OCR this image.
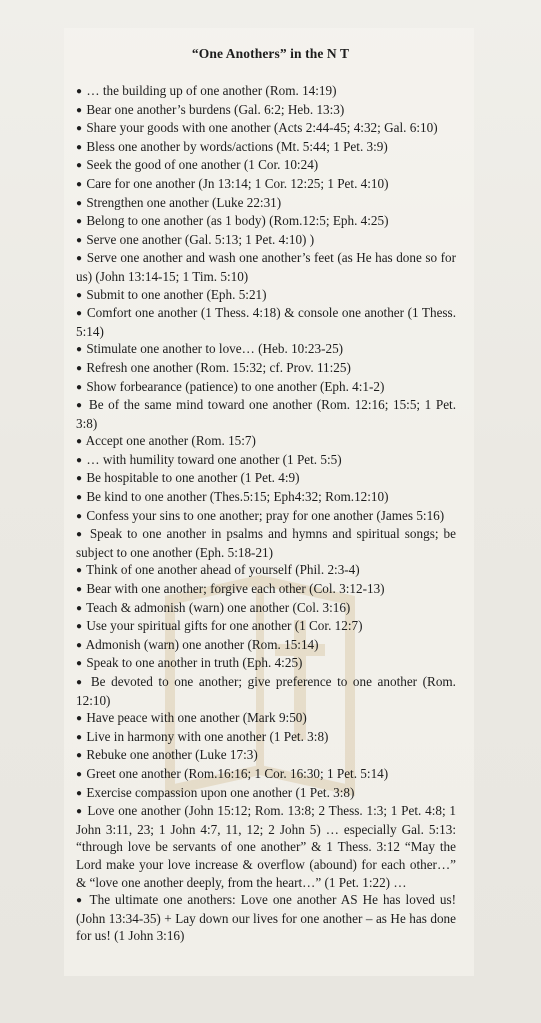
“One Anothers” in the N T
● … the building up of one another (Rom. 14:19)
● Bear one another’s burdens (Gal. 6:2; Heb. 13:3)
● Share your goods with one another (Acts 2:44-45; 4:32; Gal. 6:10)
● Bless one another by words/actions (Mt. 5:44; 1 Pet. 3:9)
● Seek the good of one another (1 Cor. 10:24)
● Care for one another (Jn 13:14; 1 Cor. 12:25; 1 Pet. 4:10)
● Strengthen one another (Luke 22:31)
● Belong to one another (as 1 body) (Rom.12:5; Eph. 4:25)
● Serve one another (Gal. 5:13; 1 Pet. 4:10) )
● Serve one another and wash one another’s feet (as He has done so for us) (John 13:14-15; 1 Tim. 5:10)
● Submit to one another (Eph. 5:21)
● Comfort one another (1 Thess. 4:18) & console one another (1 Thess. 5:14)
● Stimulate one another to love… (Heb. 10:23-25)
● Refresh one another (Rom. 15:32; cf. Prov. 11:25)
● Show forbearance (patience) to one another (Eph. 4:1-2)
● Be of the same mind toward one another (Rom. 12:16; 15:5; 1 Pet. 3:8)
● Accept one another (Rom. 15:7)
● … with humility toward one another (1 Pet. 5:5)
● Be hospitable to one another (1 Pet. 4:9)
● Be kind to one another (Thes.5:15; Eph4:32; Rom.12:10)
● Confess your sins to one another; pray for one another (James 5:16)
● Speak to one another in psalms and hymns and spiritual songs; be subject to one another (Eph. 5:18-21)
● Think of one another ahead of yourself (Phil. 2:3-4)
● Bear with one another; forgive each other (Col. 3:12-13)
● Teach & admonish (warn) one another (Col. 3:16)
● Use your spiritual gifts for one another (1 Cor. 12:7)
● Admonish (warn) one another (Rom. 15:14)
● Speak to one another in truth (Eph. 4:25)
● Be devoted to one another; give preference to one another (Rom. 12:10)
● Have peace with one another (Mark 9:50)
● Live in harmony with one another (1 Pet. 3:8)
● Rebuke one another (Luke 17:3)
● Greet one another (Rom.16:16; 1 Cor. 16:30; 1 Pet. 5:14)
● Exercise compassion upon one another (1 Pet. 3:8)
● Love one another (John 15:12; Rom. 13:8; 2 Thess. 1:3; 1 Pet. 4:8; 1 John 3:11, 23; 1 John 4:7, 11, 12; 2 John 5) … especially Gal. 5:13: “through love be servants of one another” & 1 Thess. 3:12 “May the Lord make your love increase & overflow (abound) for each other…” & “love one another deeply, from the heart…” (1 Pet. 1:22) …
● The ultimate one anothers: Love one another AS He has loved us! (John 13:34-35) + Lay down our lives for one another – as He has done for us! (1 John 3:16)
